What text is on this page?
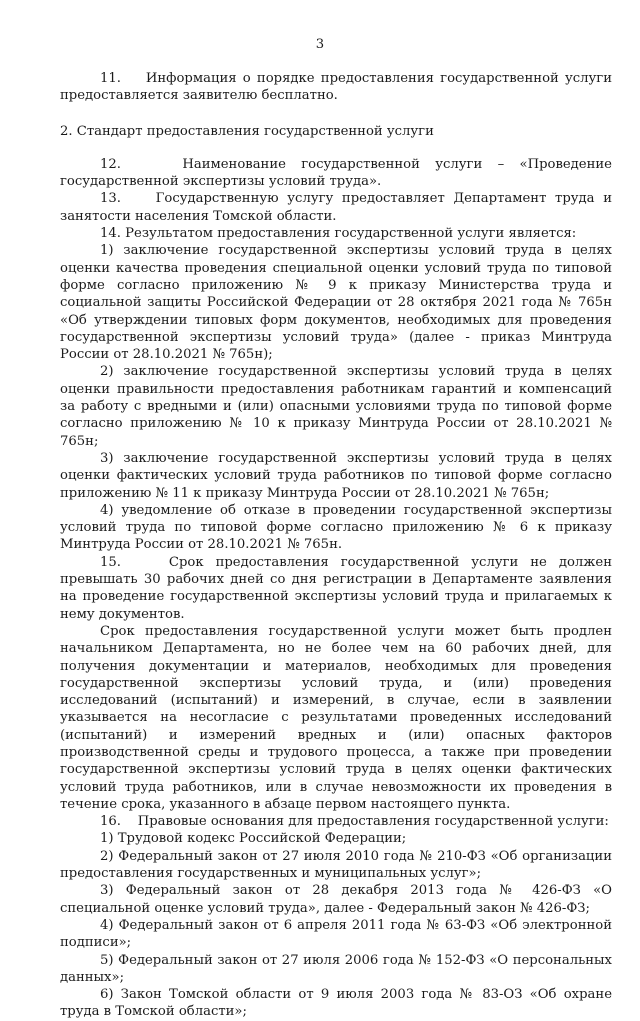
3

11.    Информация о порядке предоставления государственной услуги предоставляется заявителю бесплатно.

2. Стандарт предоставления государственной услуги

12.    Наименование государственной услуги – «Проведение государственной экспертизы условий труда».

13.    Государственную услугу предоставляет Департамент труда и занятости населения Томской области.

14. Результатом предоставления государственной услуги является:

1) заключение государственной экспертизы условий труда в целях оценки качества проведения специальной оценки условий труда по типовой форме согласно приложению № 9 к приказу Министерства труда и социальной защиты Российской Федерации от 28 октября 2021 года № 765н «Об утверждении типовых форм документов, необходимых для проведения государственной экспертизы условий труда» (далее - приказ Минтруда России от 28.10.2021 № 765н);

2) заключение государственной экспертизы условий труда в целях оценки правильности предоставления работникам гарантий и компенсаций за работу с вредными и (или) опасными условиями труда по типовой форме согласно приложению № 10 к приказу Минтруда России от 28.10.2021 № 765н;

3) заключение государственной экспертизы условий труда в целях оценки фактических условий труда работников по типовой форме согласно приложению № 11 к приказу Минтруда России от 28.10.2021 № 765н;

4) уведомление об отказе в проведении государственной экспертизы условий труда по типовой форме согласно приложению № 6 к приказу Минтруда России от 28.10.2021 № 765н.

15.    Срок предоставления государственной услуги не должен превышать 30 рабочих дней со дня регистрации в Департаменте заявления на проведение государственной экспертизы условий труда и прилагаемых к нему документов.

Срок предоставления государственной услуги может быть продлен начальником Департамента, но не более чем на 60 рабочих дней, для получения документации и материалов, необходимых для проведения государственной экспертизы условий труда, и (или) проведения исследований (испытаний) и измерений, в случае, если в заявлении указывается на несогласие с результатами проведенных исследований (испытаний) и измерений вредных и (или) опасных факторов производственной среды и трудового процесса, а также при проведении государственной экспертизы условий труда в целях оценки фактических условий труда работников, или в случае невозможности их проведения в течение срока, указанного в абзаце первом настоящего пункта.

16.    Правовые основания для предоставления государственной услуги:

1) Трудовой кодекс Российской Федерации;

2) Федеральный закон от 27 июля 2010 года № 210-ФЗ «Об организации предоставления государственных и муниципальных услуг»;

3) Федеральный закон от 28 декабря 2013 года № 426-ФЗ «О специальной оценке условий труда», далее - Федеральный закон № 426-ФЗ;

4) Федеральный закон от 6 апреля 2011 года № 63-ФЗ «Об электронной подписи»;

5) Федеральный закон от 27 июля 2006 года № 152-ФЗ «О персональных данных»;

6) Закон Томской области от 9 июля 2003 года № 83-ОЗ «Об охране труда в Томской области»;
